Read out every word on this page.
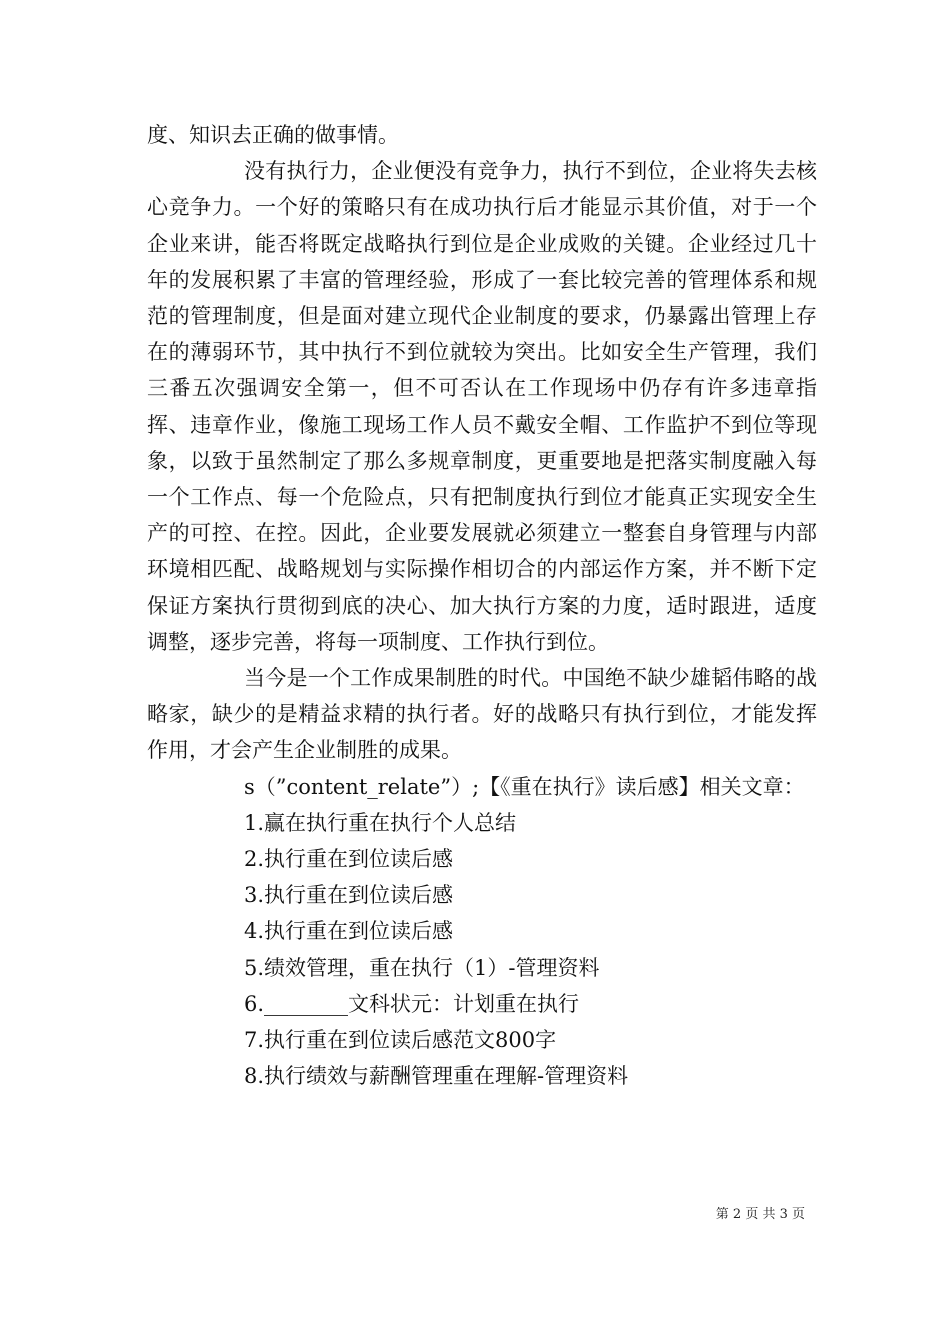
度、知识去正确的做事情。

没有执行力，企业便没有竞争力，执行不到位，企业将失去核心竞争力。一个好的策略只有在成功执行后才能显示其价值，对于一个企业来讲，能否将既定战略执行到位是企业成败的关键。企业经过几十年的发展积累了丰富的管理经验，形成了一套比较完善的管理体系和规范的管理制度，但是面对建立现代企业制度的要求，仍暴露出管理上存在的薄弱环节，其中执行不到位就较为突出。比如安全生产管理，我们三番五次强调安全第一，但不可否认在工作现场中仍存有许多违章指挥、违章作业，像施工现场工作人员不戴安全帽、工作监护不到位等现象，以致于虽然制定了那么多规章制度，更重要地是把落实制度融入每一个工作点、每一个危险点，只有把制度执行到位才能真正实现安全生产的可控、在控。因此，企业要发展就必须建立一整套自身管理与内部环境相匹配、战略规划与实际操作相切合的内部运作方案，并不断下定保证方案执行贯彻到底的决心、加大执行方案的力度，适时跟进，适度调整，逐步完善，将每一项制度、工作执行到位。

当今是一个工作成果制胜的时代。中国绝不缺少雄韬伟略的战略家，缺少的是精益求精的执行者。好的战略只有执行到位，才能发挥作用，才会产生企业制胜的成果。

s（”content_relate”）;【《重在执行》读后感】相关文章：

1.赢在执行重在执行个人总结
2.执行重在到位读后感
3.执行重在到位读后感
4.执行重在到位读后感
5.绩效管理，重在执行（1）-管理资料
6.________文科状元：计划重在执行
7.执行重在到位读后感范文800字
8.执行绩效与薪酬管理重在理解-管理资料
第 2 页 共 3 页
